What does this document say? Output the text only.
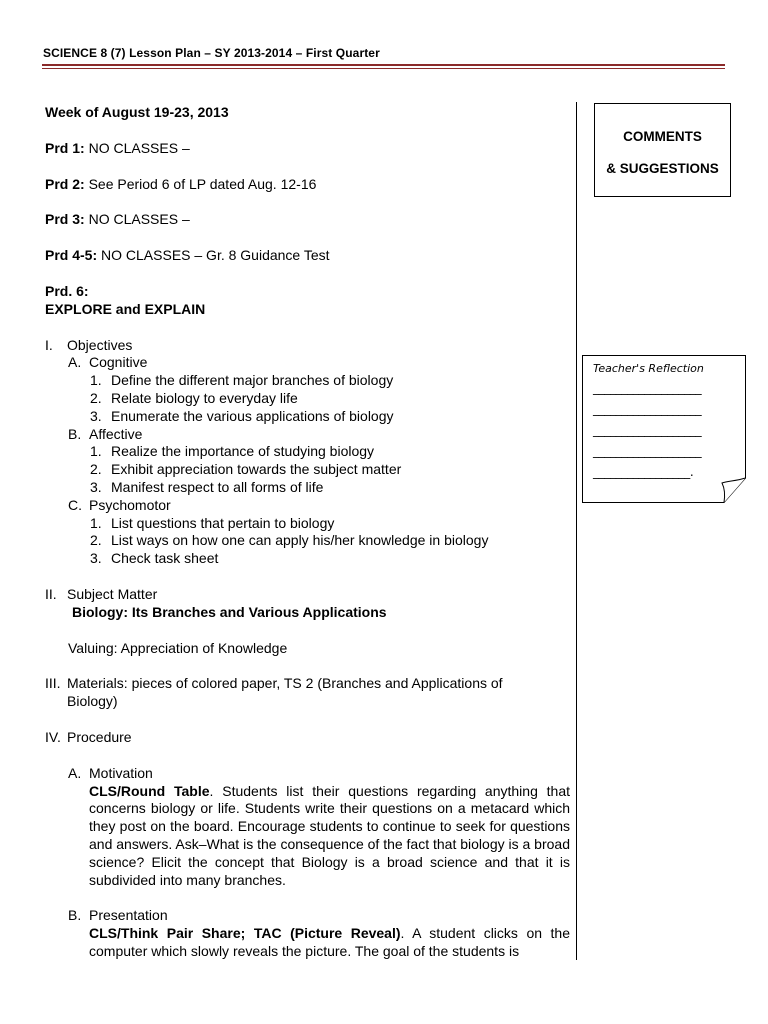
SCIENCE 8 (7) Lesson Plan – SY 2013-2014 – First Quarter

Week of August 19-23, 2013

Prd 1: NO CLASSES –

Prd 2: See Period 6 of LP dated Aug. 12-16

Prd 3: NO CLASSES –

Prd 4-5: NO CLASSES – Gr. 8 Guidance Test

Prd. 6:

EXPLORE and EXPLAIN

I. Objectives

A. Cognitive

1. Define the different major branches of biology

2. Relate biology to everyday life

3. Enumerate the various applications of biology

B. Affective

1. Realize the importance of studying biology

2. Exhibit appreciation towards the subject matter

3. Manifest respect to all forms of life

C. Psychomotor

1. List questions that pertain to biology

2. List ways on how one can apply his/her knowledge in biology

3. Check task sheet

II. Subject Matter

Biology: Its Branches and Various Applications

Valuing: Appreciation of Knowledge

III. Materials: pieces of colored paper, TS 2 (Branches and Applications of

Biology)

IV. Procedure

A. Motivation

CLS/Round Table. Students list their questions regarding anything that concerns biology or life. Students write their questions on a metacard which they post on the board. Encourage students to continue to seek for questions and answers. Ask–What is the consequence of the fact that biology is a broad science? Elicit the concept that Biology is a broad science and that it is subdivided into many branches.

B. Presentation

CLS/Think Pair Share; TAC (Picture Reveal). A student clicks on the computer which slowly reveals the picture. The goal of the students is

COMMENTS
& SUGGESTIONS
Teacher's Reflection
___________________
___________________
___________________
___________________
_________________.
